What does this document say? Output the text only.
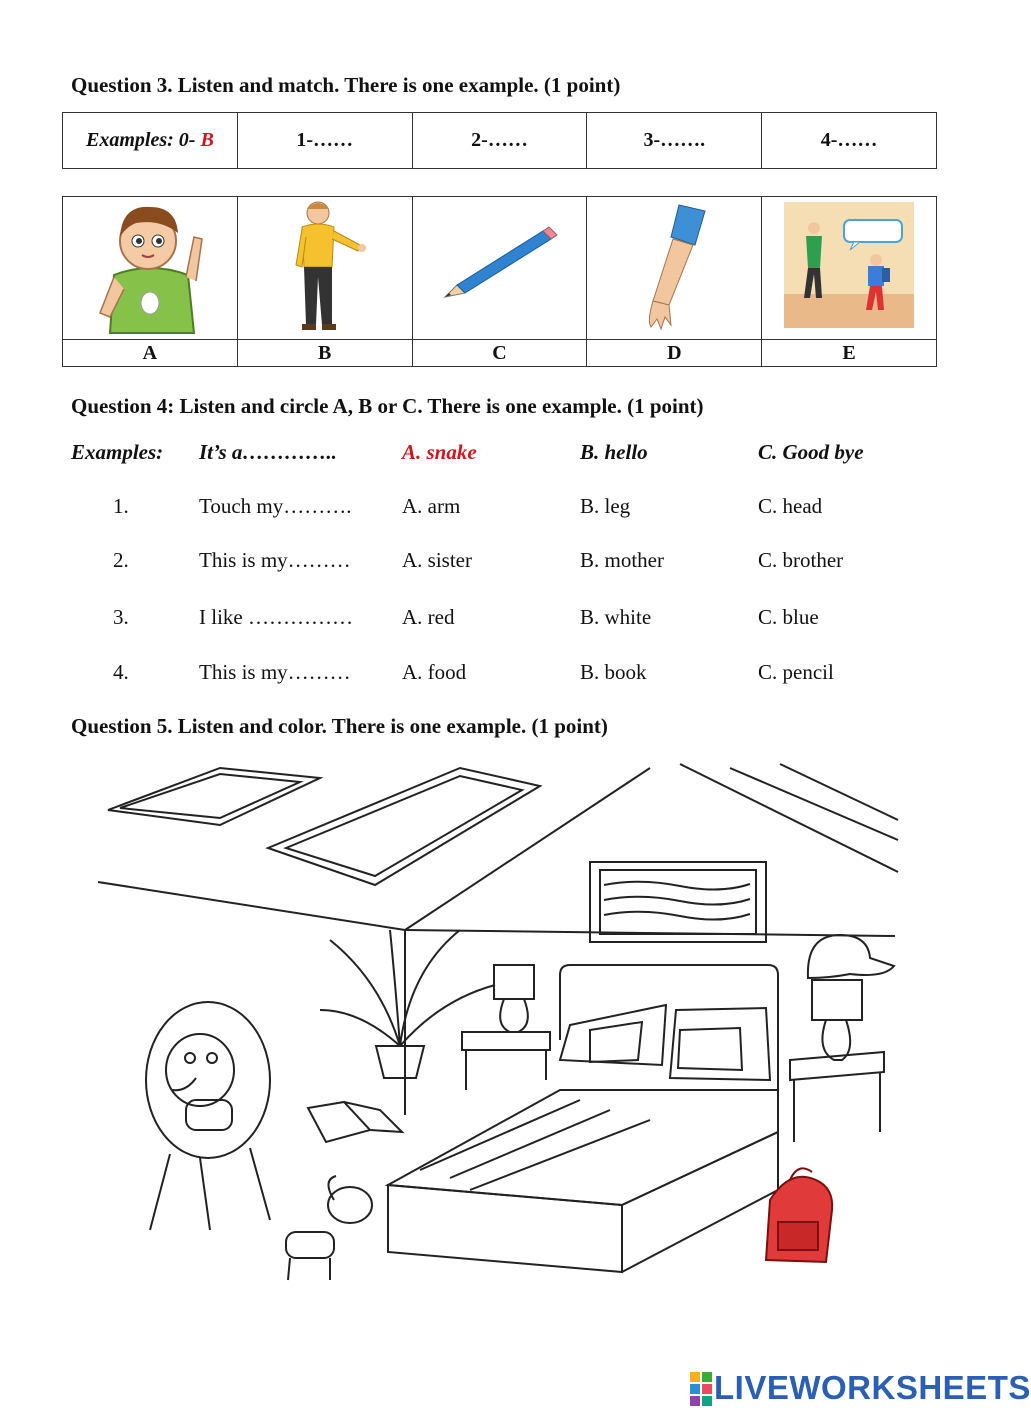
Question 3. Listen and match. There is one example. (1 point)
Examples: 0- B	1-……	2-……	3-…….	4-……

A	B	C	D	E
Question 4: Listen and circle A, B or C. There is one example. (1 point)
Examples: It’s a…………..	A. snake	B. hello	C. Good bye
1.	Touch my………. A. arm	B. leg	C. head
2.	This is my……… A. sister	B. mother	C. brother
3.	I like …………… A. red	B. white	C. blue
4.	This is my……… A. food	B. book	C. pencil
Question 5. Listen and color. There is one example. (1 point)
LIVEWORKSHEETS
